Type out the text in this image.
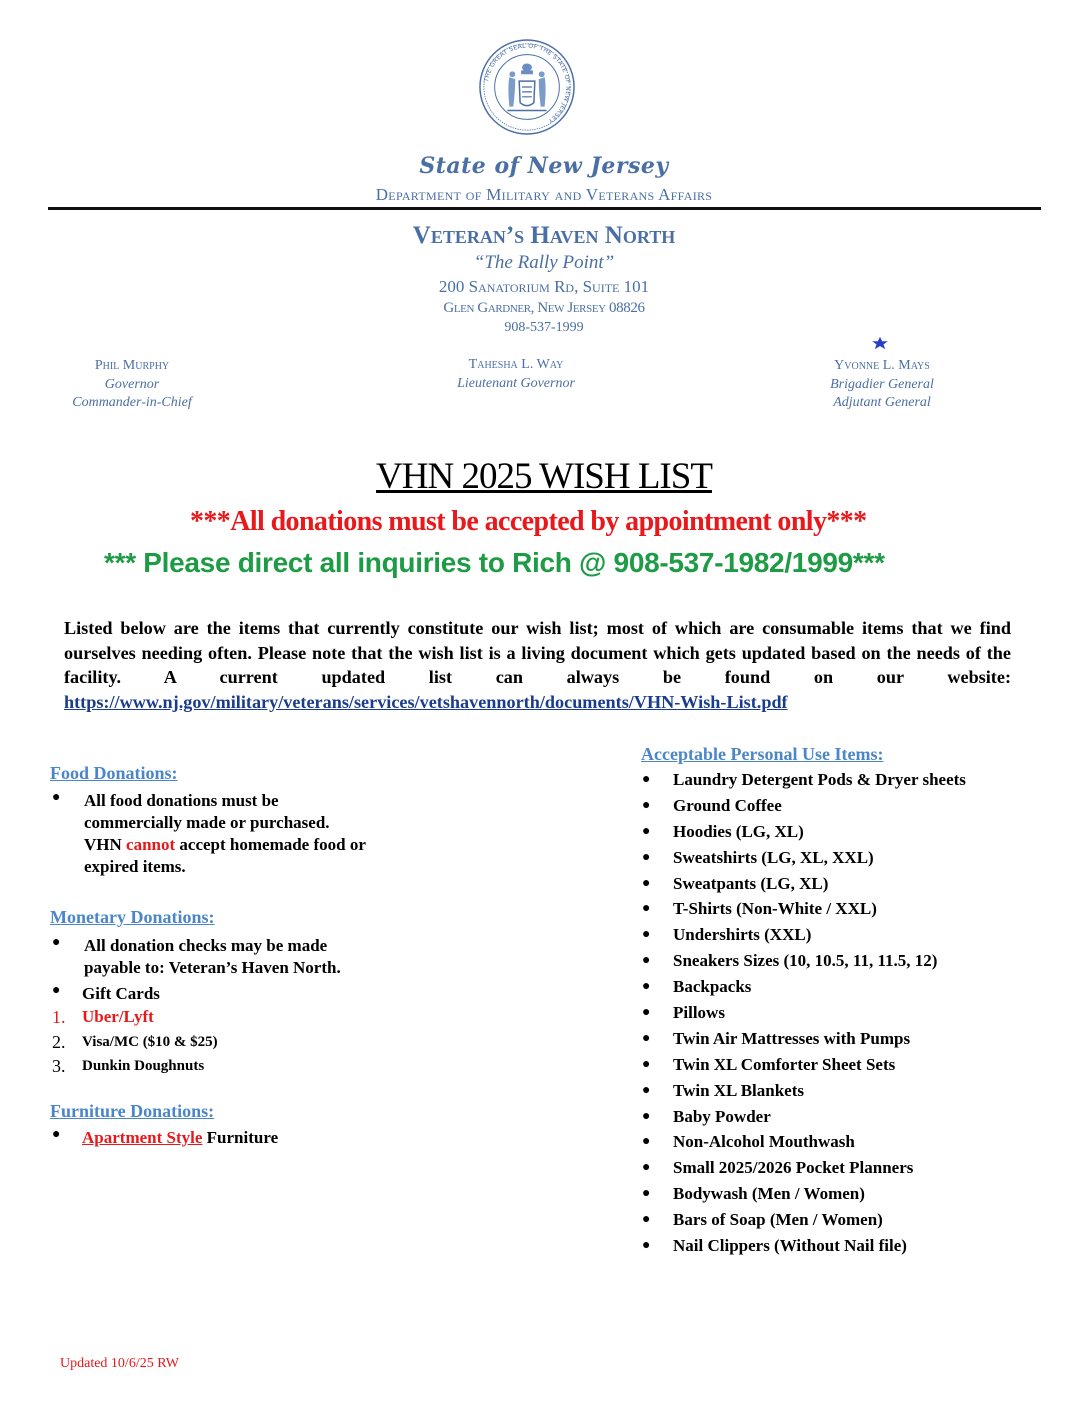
THE GREAT SEAL OF THE STATE OF NEW JERSEY
State of New Jersey
Department of Military and Veterans Affairs
Veteran’s Haven North
“The Rally Point”
200 Sanatorium Rd, Suite 101
Glen Gardner, New Jersey 08826
908-537-1999
Phil Murphy
Governor
Commander-in-Chief
Tahesha L. Way
Lieutenant Governor
Yvonne L. Mays
Brigadier General
Adjutant General
VHN 2025 WISH LIST
***All donations must be accepted by appointment only***
*** Please direct all inquiries to Rich @ 908-537-1982/1999***
Listed below are the items that currently constitute our wish list; most of which are consumable items that we find ourselves needing often. Please note that the wish list is a living document which gets updated based on the needs of the facility. A current updated list can always be found on our website: https://www.nj.gov/military/veterans/services/vetshavennorth/documents/VHN-Wish-List.pdf
Food Donations:
● All food donations must be
commercially made or purchased.
VHN cannot accept homemade food or
expired items.
Monetary Donations:
● All donation checks may be made
payable to: Veteran’s Haven North.
● Gift Cards
1. Uber/Lyft
2. Visa/MC ($10 & $25)
3. Dunkin Doughnuts
Furniture Donations:
● Apartment Style Furniture
Acceptable Personal Use Items:
● Laundry Detergent Pods & Dryer sheets
● Ground Coffee
● Hoodies (LG, XL)
● Sweatshirts (LG, XL, XXL)
● Sweatpants (LG, XL)
● T-Shirts (Non-White / XXL)
● Undershirts (XXL)
● Sneakers Sizes (10, 10.5, 11, 11.5, 12)
● Backpacks
● Pillows
● Twin Air Mattresses with Pumps
● Twin XL Comforter Sheet Sets
● Twin XL Blankets
● Baby Powder
● Non-Alcohol Mouthwash
● Small 2025/2026 Pocket Planners
● Bodywash (Men / Women)
● Bars of Soap (Men / Women)
● Nail Clippers (Without Nail file)
Updated 10/6/25 RW
